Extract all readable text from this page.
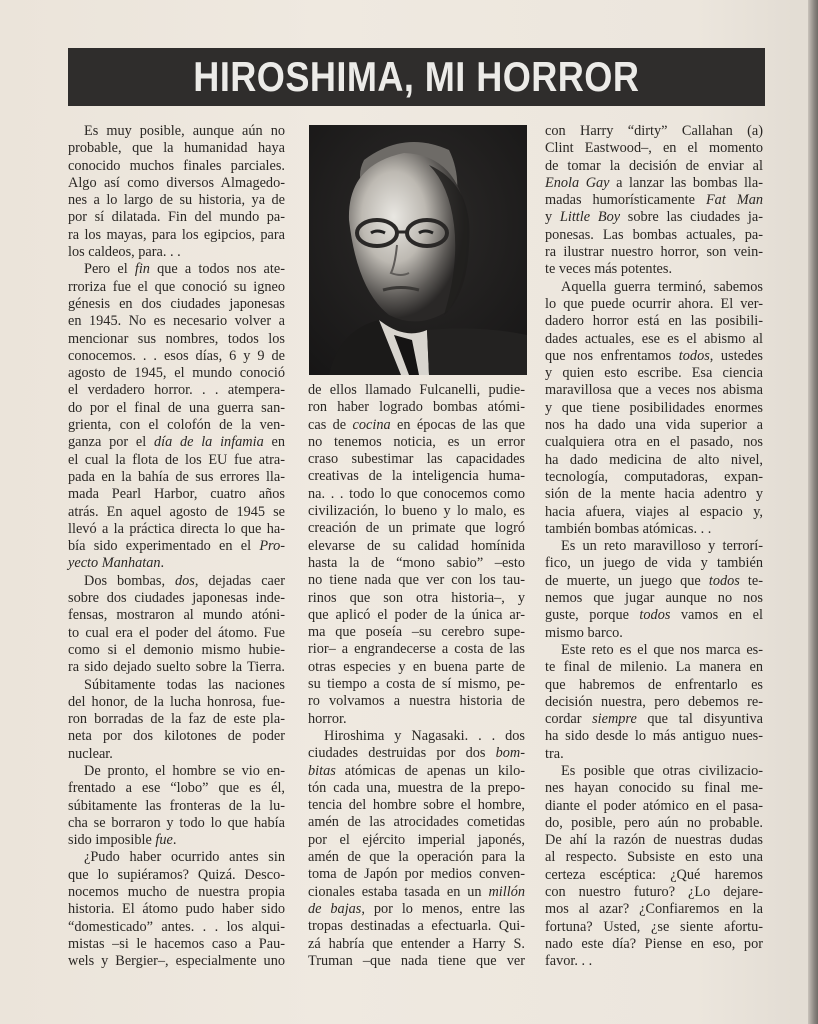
HIROSHIMA, MI HORROR
Es muy posible, aunque aún no
probable, que la humanidad haya
conocido muchos finales parciales.
Algo así como diversos Almagedo-
nes a lo largo de su historia, ya de
por sí dilatada. Fin del mundo pa-
ra los mayas, para los egipcios, para
los caldeos, para. . .
Pero el fin que a todos nos ate-
rroriza fue el que conoció su igneo
génesis en dos ciudades japonesas
en 1945. No es necesario volver a
mencionar sus nombres, todos los
conocemos. . . esos días, 6 y 9 de
agosto de 1945, el mundo conoció
el verdadero horror. . . atempera-
do por el final de una guerra san-
grienta, con el colofón de la ven-
ganza por el día de la infamia en
el cual la flota de los EU fue atra-
pada en la bahía de sus errores lla-
mada Pearl Harbor, cuatro años
atrás. En aquel agosto de 1945 se
llevó a la práctica directa lo que ha-
bía sido experimentado en el Pro-
yecto Manhatan.
Dos bombas, dos, dejadas caer
sobre dos ciudades japonesas inde-
fensas, mostraron al mundo atóni-
to cual era el poder del átomo. Fue
como si el demonio mismo hubie-
ra sido dejado suelto sobre la Tierra.
Súbitamente todas las naciones
del honor, de la lucha honrosa, fue-
ron borradas de la faz de este pla-
neta por dos kilotones de poder
nuclear.
De pronto, el hombre se vio en-
frentado a ese “lobo” que es él,
súbitamente las fronteras de la lu-
cha se borraron y todo lo que había
sido imposible fue.
¿Pudo haber ocurrido antes sin
que lo supiéramos? Quizá. Desco-
nocemos mucho de nuestra propia
historia. El átomo pudo haber sido
“domesticado” antes. . . los alqui-
mistas –si le hacemos caso a Pau-
wels y Bergier–, especialmente uno
de ellos llamado Fulcanelli, pudie-
ron haber logrado bombas atómi-
cas de cocina en épocas de las que
no tenemos noticia, es un error
craso subestimar las capacidades
creativas de la inteligencia huma-
na. . . todo lo que conocemos como
civilización, lo bueno y lo malo, es
creación de un primate que logró
elevarse de su calidad homínida
hasta la de “mono sabio” –esto
no tiene nada que ver con los tau-
rinos que son otra historia–, y
que aplicó el poder de la única ar-
ma que poseía –su cerebro supe-
rior– a engrandecerse a costa de las
otras especies y en buena parte de
su tiempo a costa de sí mismo, pe-
ro volvamos a nuestra historia de
horror.
Hiroshima y Nagasaki. . . dos
ciudades destruidas por dos bom-
bitas atómicas de apenas un kilo-
tón cada una, muestra de la prepo-
tencia del hombre sobre el hombre,
amén de las atrocidades cometidas
por el ejército imperial japonés,
amén de que la operación para la
toma de Japón por medios conven-
cionales estaba tasada en un millón
de bajas, por lo menos, entre las
tropas destinadas a efectuarla. Qui-
zá habría que entender a Harry S.
Truman –que nada tiene que ver
con Harry “dirty” Callahan (a)
Clint Eastwood–, en el momento
de tomar la decisión de enviar al
Enola Gay a lanzar las bombas lla-
madas humorísticamente Fat Man
y Little Boy sobre las ciudades ja-
ponesas. Las bombas actuales, pa-
ra ilustrar nuestro horror, son vein-
te veces más potentes.
Aquella guerra terminó, sabemos
lo que puede ocurrir ahora. El ver-
dadero horror está en las posibili-
dades actuales, ese es el abismo al
que nos enfrentamos todos, ustedes
y quien esto escribe. Esa ciencia
maravillosa que a veces nos abisma
y que tiene posibilidades enormes
nos ha dado una vida superior a
cualquiera otra en el pasado, nos
ha dado medicina de alto nivel,
tecnología, computadoras, expan-
sión de la mente hacia adentro y
hacia afuera, viajes al espacio y,
también bombas atómicas. . .
Es un reto maravilloso y terrorí-
fico, un juego de vida y también
de muerte, un juego que todos te-
nemos que jugar aunque no nos
guste, porque todos vamos en el
mismo barco.
Este reto es el que nos marca es-
te final de milenio. La manera en
que habremos de enfrentarlo es
decisión nuestra, pero debemos re-
cordar siempre que tal disyuntiva
ha sido desde lo más antiguo nues-
tra.
Es posible que otras civilizacio-
nes hayan conocido su final me-
diante el poder atómico en el pasa-
do, posible, pero aún no probable.
De ahí la razón de nuestras dudas
al respecto. Subsiste en esto una
certeza escéptica: ¿Qué haremos
con nuestro futuro? ¿Lo dejare-
mos al azar? ¿Confiaremos en la
fortuna? Usted, ¿se siente afortu-
nado este día? Piense en eso, por
favor. . .
